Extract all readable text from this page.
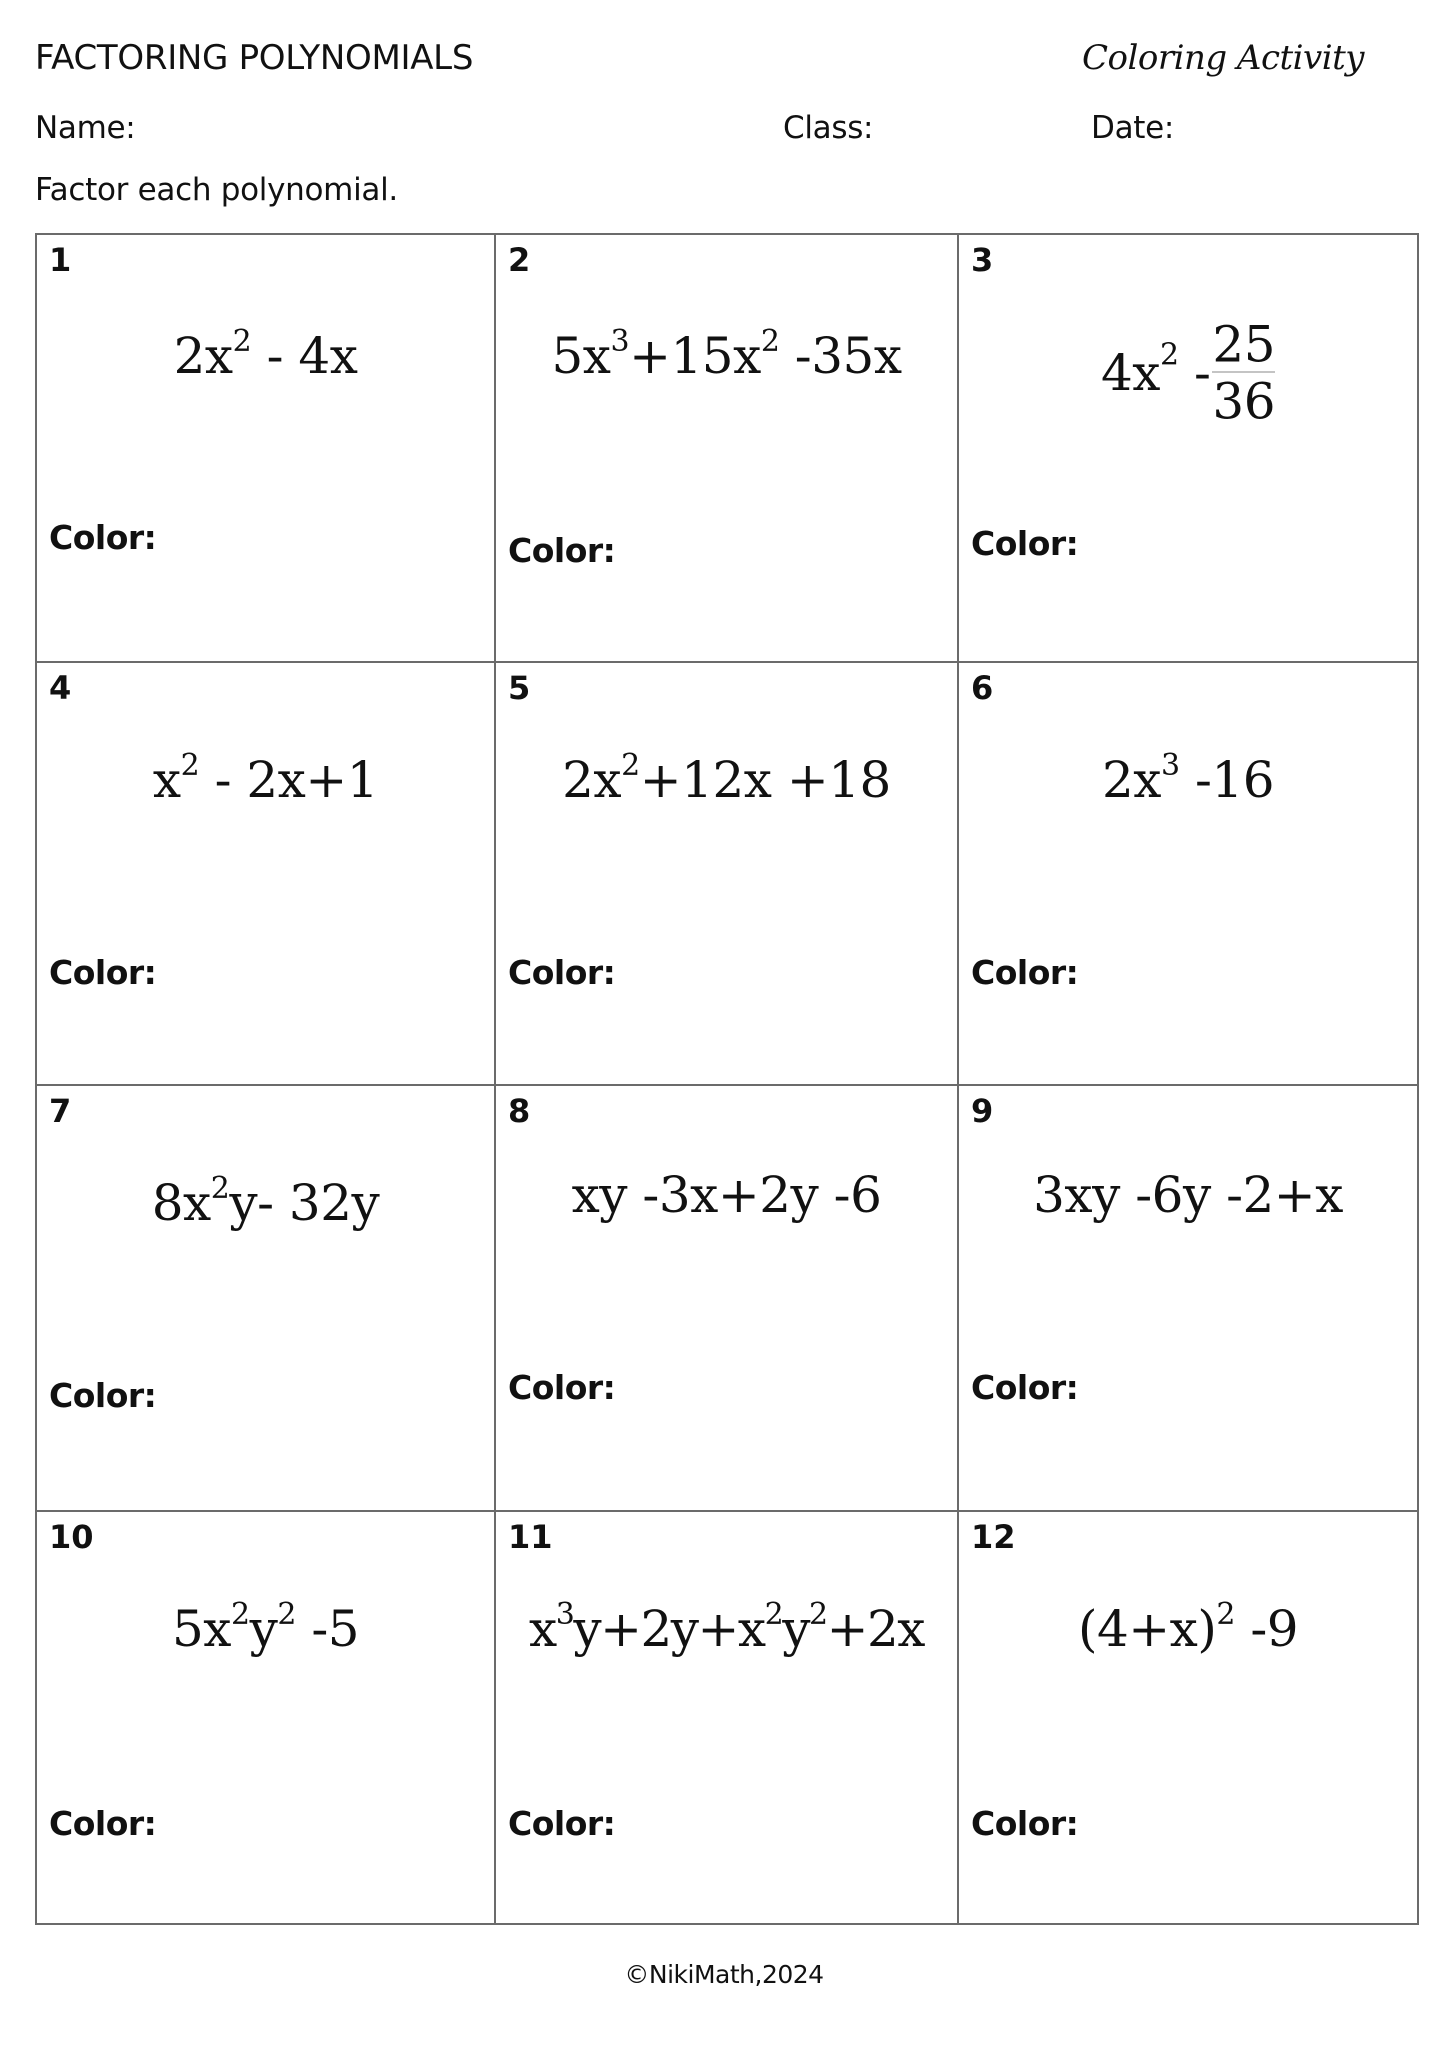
FACTORING POLYNOMIALS	Coloring Activity
Name:	Class:	Date:
Factor each polynomial.
1
$2x^2 - 4x$
Color:
2
$5x^3+15x^2$ -35x
Color:
3
$4x^2 - \frac{25}{36}$
Color:
4
$x^2 - 2x+1$
Color:
5
$2x^2+12x +18$
Color:
6
$2x^3$ -16
Color:
7
$8x^2y-$ 32y
Color:
8
xy -3x+2y -6
Color:
9
3xy -6y -2+x
Color:
10
$5x^2y^2$ -5
Color:
11
$x^3y+2y+x^2y^2+2x$
Color:
12
$(4+x)^2$ -9
Color:
©NikiMath,2024
